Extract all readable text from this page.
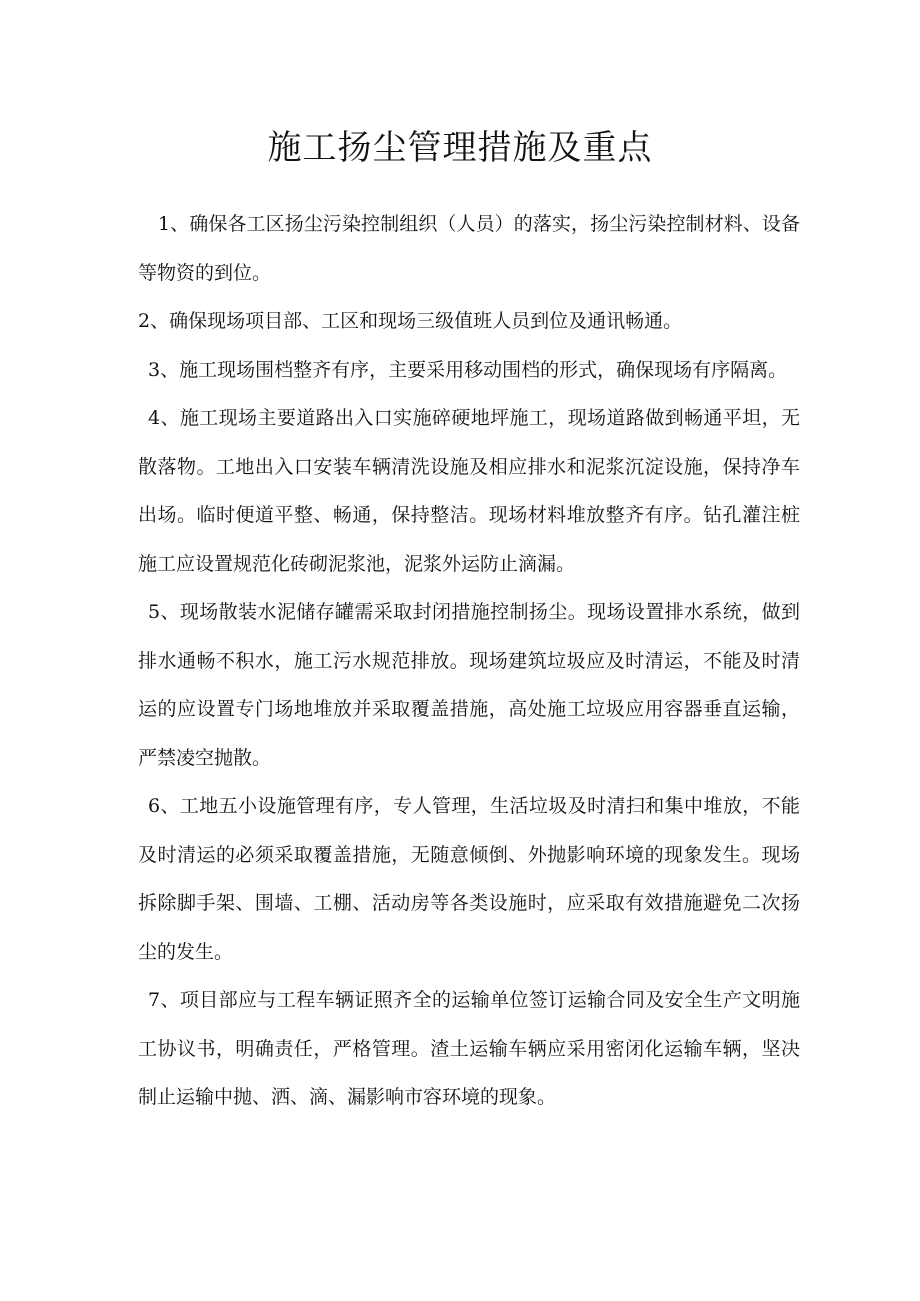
施工扬尘管理措施及重点

1、确保各工区扬尘污染控制组织（人员）的落实，扬尘污染控制材料、设备等物资的到位。

2、确保现场项目部、工区和现场三级值班人员到位及通讯畅通。

3、施工现场围档整齐有序，主要采用移动围档的形式，确保现场有序隔离。

4、施工现场主要道路出入口实施碎硬地坪施工，现场道路做到畅通平坦，无散落物。工地出入口安装车辆清洗设施及相应排水和泥浆沉淀设施，保持净车出场。临时便道平整、畅通，保持整洁。现场材料堆放整齐有序。钻孔灌注桩施工应设置规范化砖砌泥浆池，泥浆外运防止滴漏。

5、现场散装水泥储存罐需采取封闭措施控制扬尘。现场设置排水系统，做到排水通畅不积水，施工污水规范排放。现场建筑垃圾应及时清运，不能及时清运的应设置专门场地堆放并采取覆盖措施，高处施工垃圾应用容器垂直运输，严禁凌空抛散。

6、工地五小设施管理有序，专人管理，生活垃圾及时清扫和集中堆放，不能及时清运的必须采取覆盖措施，无随意倾倒、外抛影响环境的现象发生。现场拆除脚手架、围墙、工棚、活动房等各类设施时，应采取有效措施避免二次扬尘的发生。

7、项目部应与工程车辆证照齐全的运输单位签订运输合同及安全生产文明施工协议书，明确责任，严格管理。渣土运输车辆应采用密闭化运输车辆，坚决制止运输中抛、洒、滴、漏影响市容环境的现象。
